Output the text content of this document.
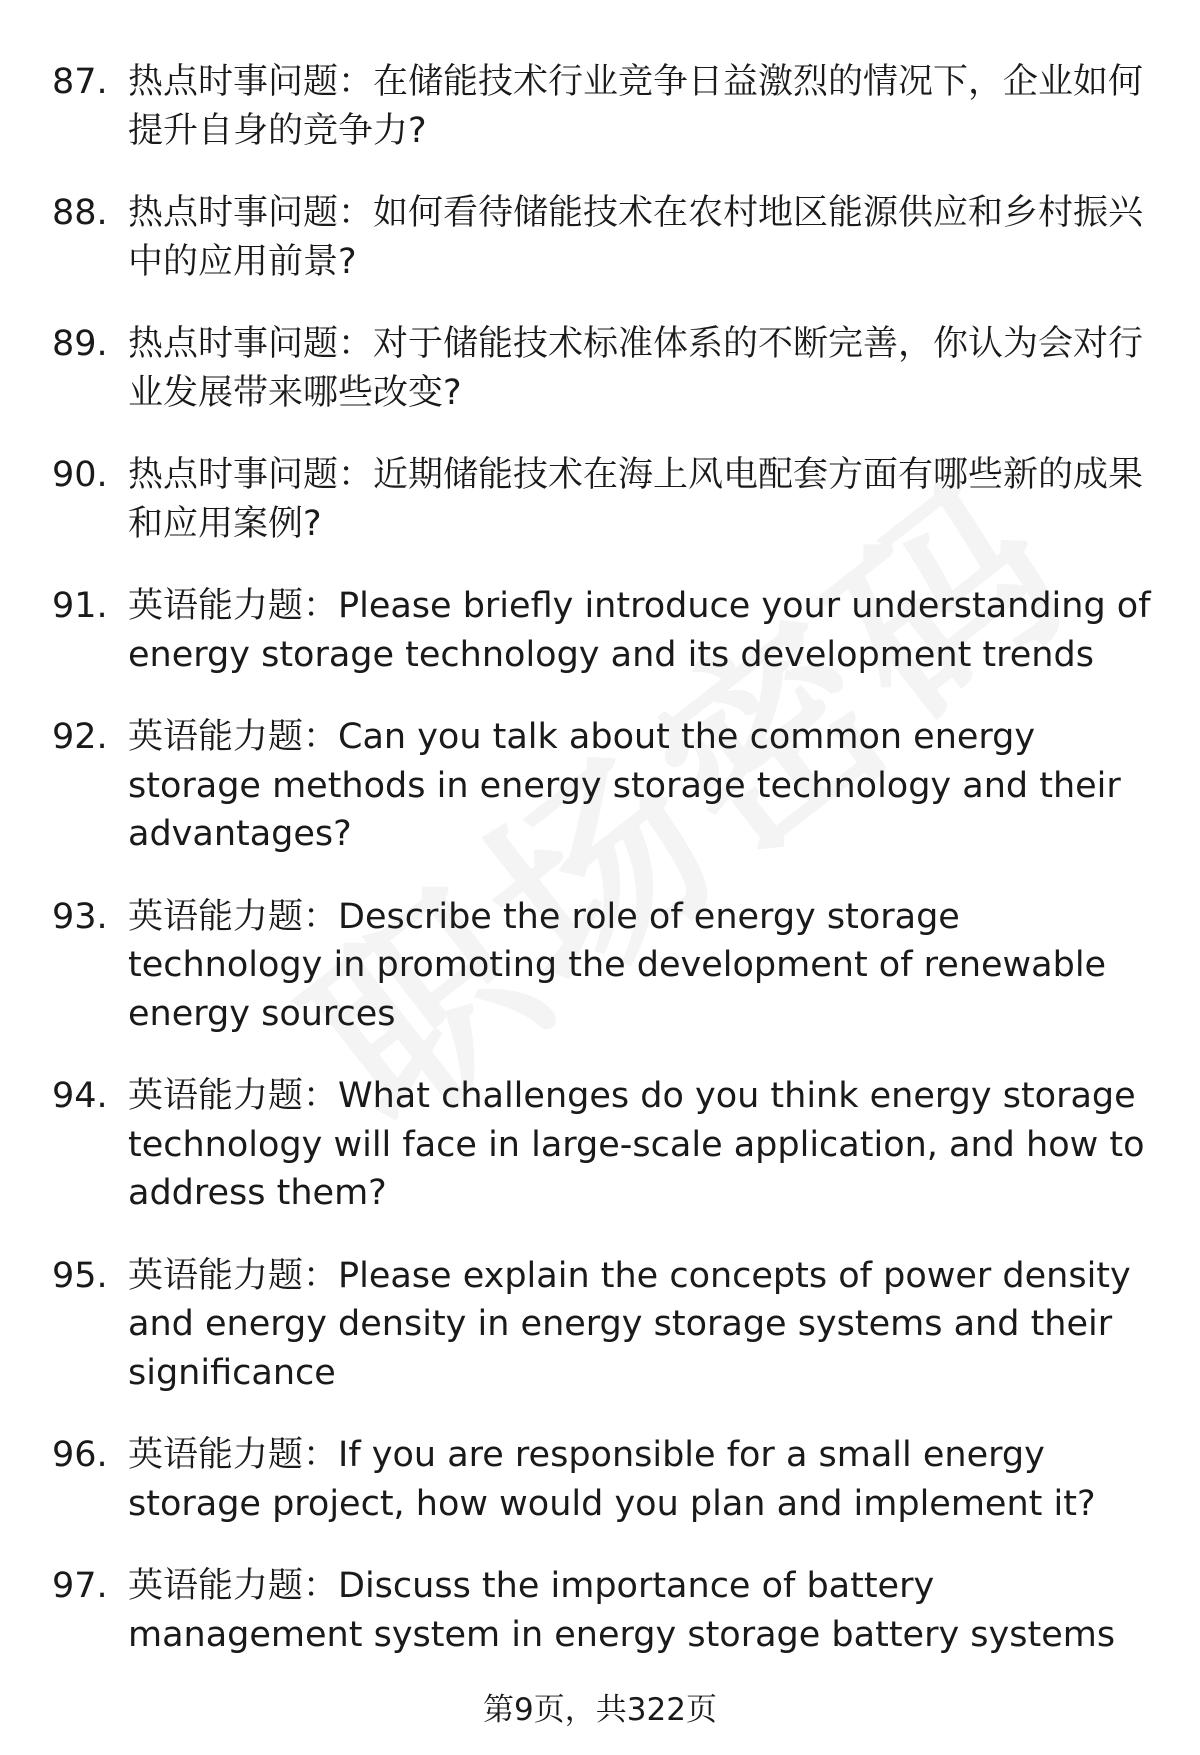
87. 热点时事问题：在储能技术行业竞争日益激烈的情况下，企业如何提升自身的竞争力?
88. 热点时事问题：如何看待储能技术在农村地区能源供应和乡村振兴中的应用前景?
89. 热点时事问题：对于储能技术标准体系的不断完善，你认为会对行业发展带来哪些改变?
90. 热点时事问题：近期储能技术在海上风电配套方面有哪些新的成果和应用案例?
91. 英语能力题：Please briefly introduce your understanding of energy storage technology and its development trends
92. 英语能力题：Can you talk about the common energy storage methods in energy storage technology and their advantages?
93. 英语能力题：Describe the role of energy storage technology in promoting the development of renewable energy sources
94. 英语能力题：What challenges do you think energy storage technology will face in large-scale application, and how to address them?
95. 英语能力题：Please explain the concepts of power density and energy density in energy storage systems and their significance
96. 英语能力题：If you are responsible for a small energy storage project, how would you plan and implement it?
97. 英语能力题：Discuss the importance of battery management system in energy storage battery systems
第9页，共322页
